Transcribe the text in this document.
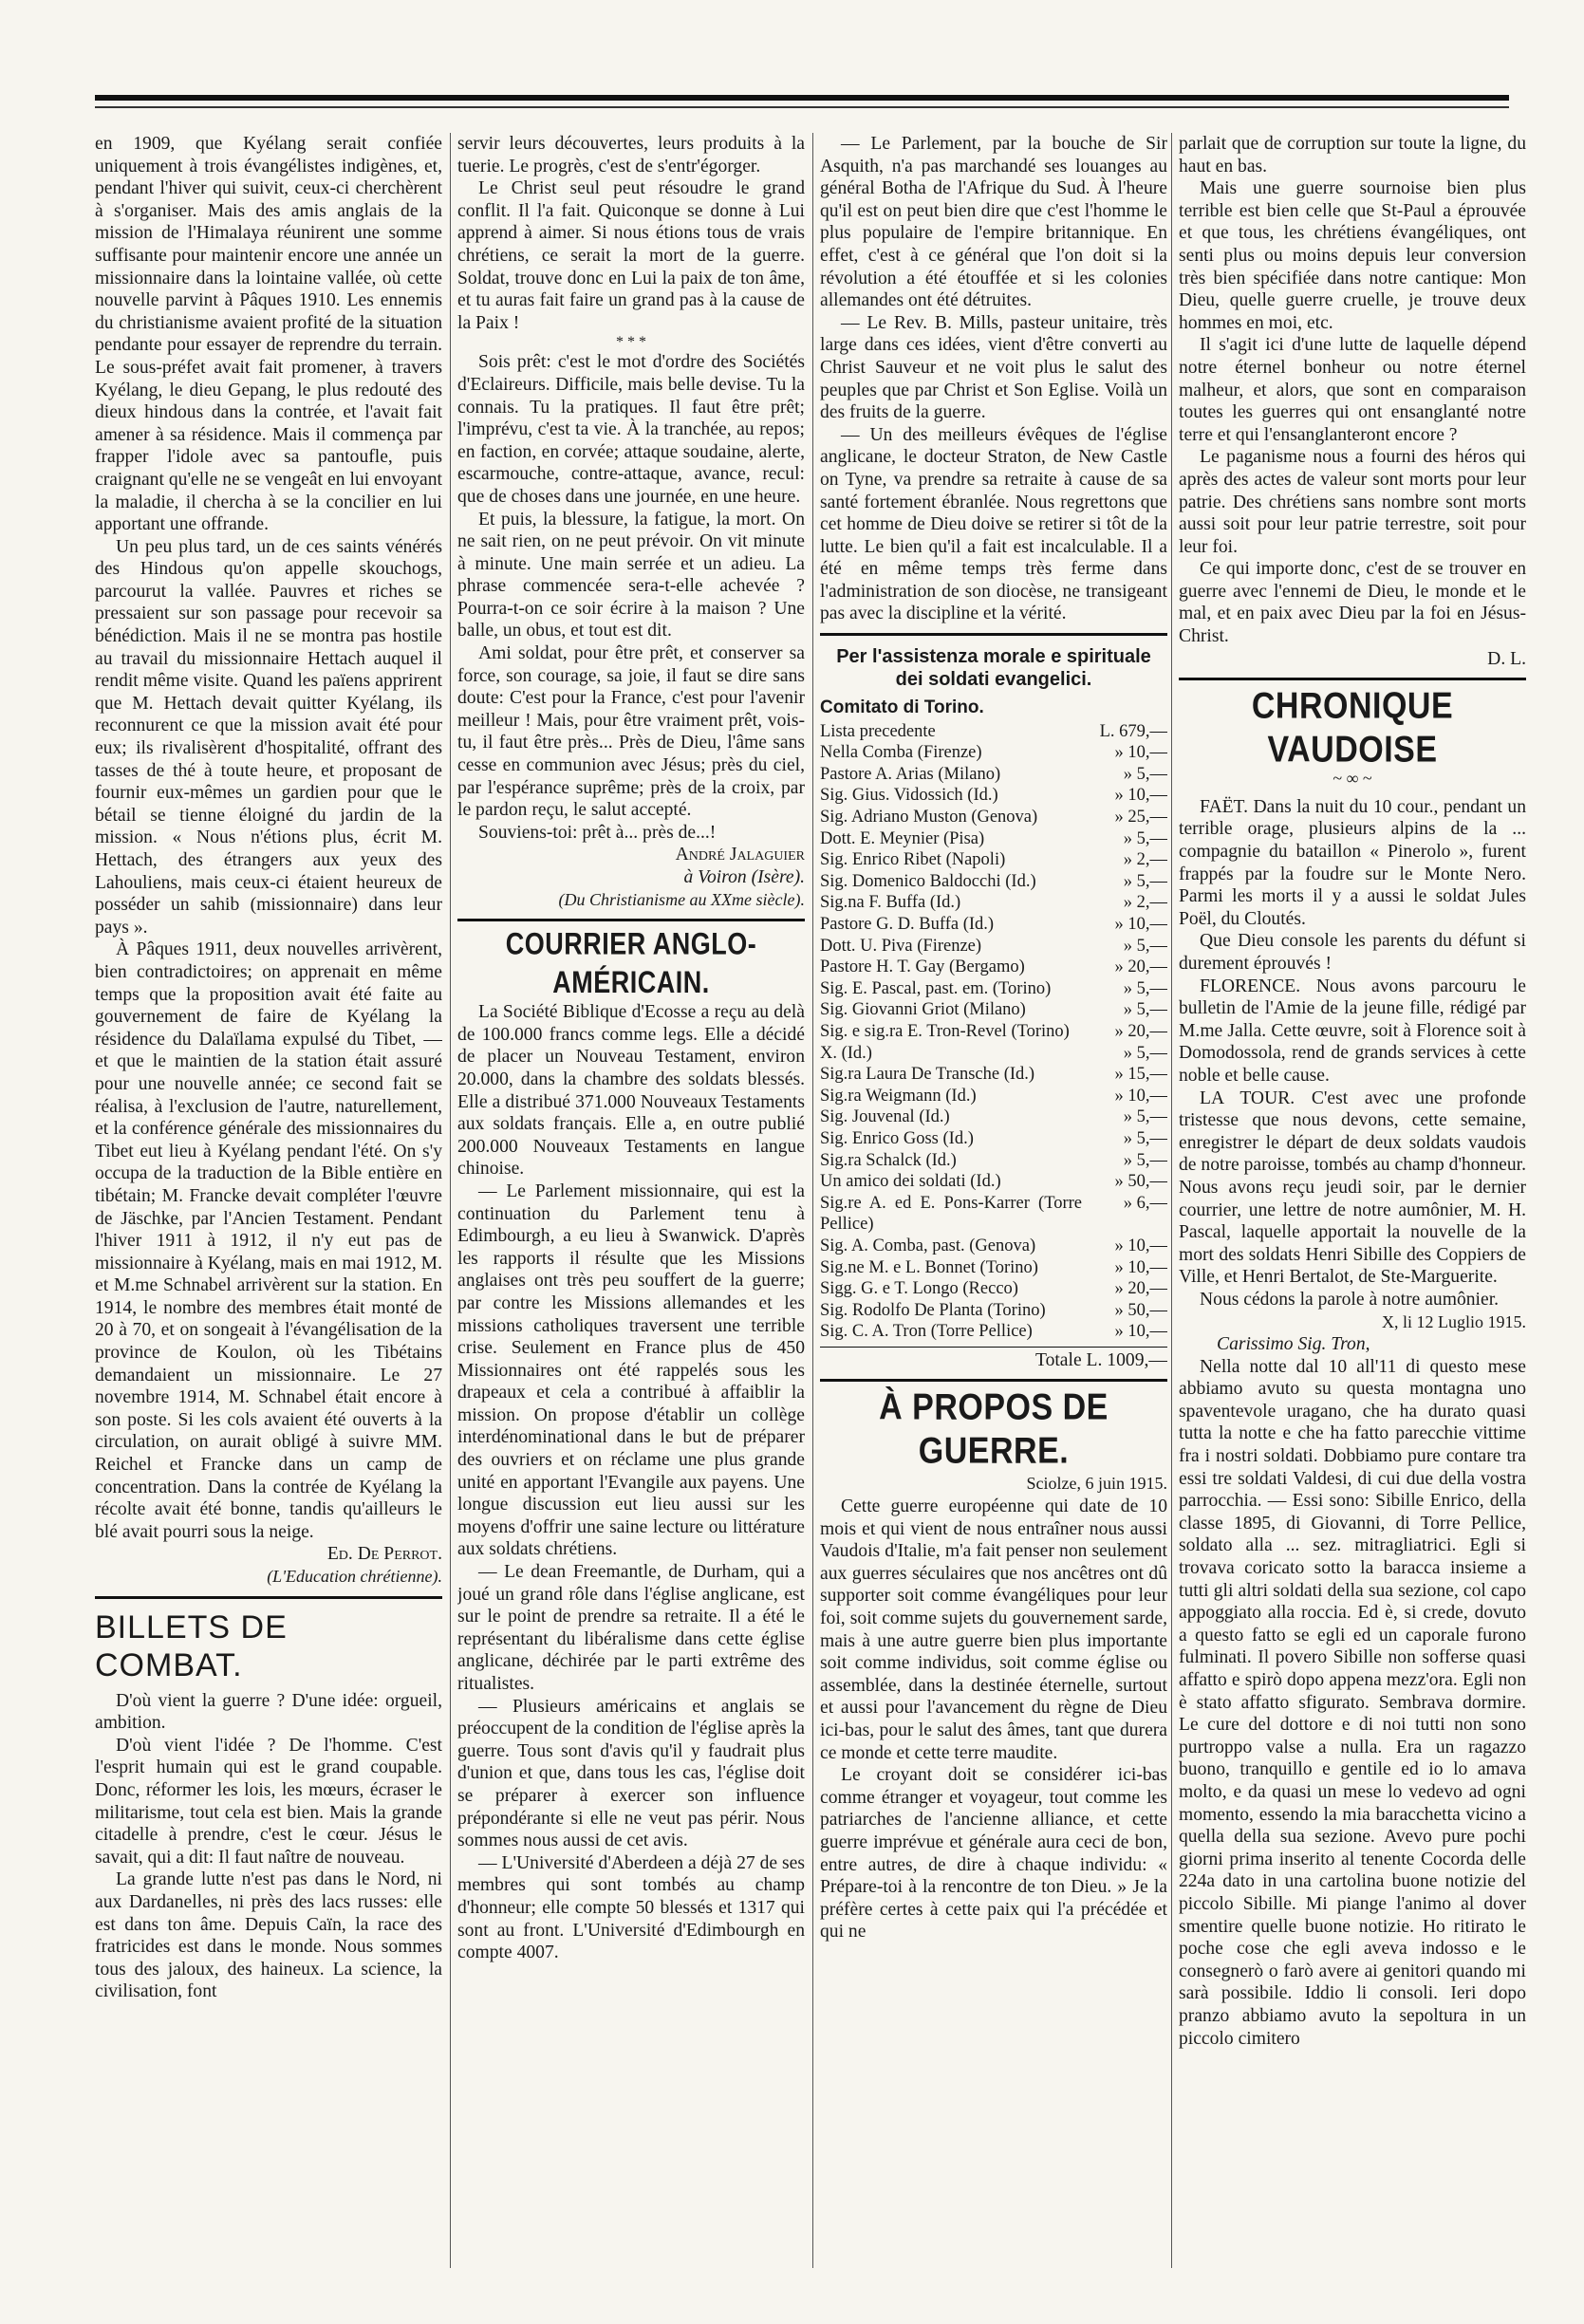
en 1909, que Kyélang serait confiée uniquement à trois évangélistes indigènes, et, pendant l'hiver qui suivit, ceux-ci cherchèrent à s'organiser. Mais des amis anglais de la mission de l'Himalaya réunirent une somme suffisante pour maintenir encore une année un missionnaire dans la lointaine vallée, où cette nouvelle parvint à Pâques 1910. Les ennemis du christianisme avaient profité de la situation pendante pour essayer de reprendre du terrain. Le sous-préfet avait fait promener, à travers Kyélang, le dieu Gepang, le plus redouté des dieux hindous dans la contrée, et l'avait fait amener à sa résidence. Mais il commença par frapper l'idole avec sa pantoufle, puis craignant qu'elle ne se vengeât en lui envoyant la maladie, il chercha à se la concilier en lui apportant une offrande.

Un peu plus tard, un de ces saints vénérés des Hindous qu'on appelle skouchogs, parcourut la vallée. Pauvres et riches se pressaient sur son passage pour recevoir sa bénédiction. Mais il ne se montra pas hostile au travail du missionnaire Hettach auquel il rendit même visite. Quand les païens apprirent que M. Hettach devait quitter Kyélang, ils reconnurent ce que la mission avait été pour eux; ils rivalisèrent d'hospitalité, offrant des tasses de thé à toute heure, et proposant de fournir eux-mêmes un gardien pour que le bétail se tienne éloigné du jardin de la mission. « Nous n'étions plus, écrit M. Hettach, des étrangers aux yeux des Lahouliens, mais ceux-ci étaient heureux de posséder un sahib (missionnaire) dans leur pays ».

À Pâques 1911, deux nouvelles arrivèrent, bien contradictoires; on apprenait en même temps que la proposition avait été faite au gouvernement de faire de Kyélang la résidence du Dalaïlama expulsé du Tibet, — et que le maintien de la station était assuré pour une nouvelle année; ce second fait se réalisa, à l'exclusion de l'autre, naturellement, et la conférence générale des missionnaires du Tibet eut lieu à Kyélang pendant l'été. On s'y occupa de la traduction de la Bible entière en tibétain; M. Francke devait compléter l'œuvre de Jäschke, par l'Ancien Testament. Pendant l'hiver 1911 à 1912, il n'y eut pas de missionnaire à Kyélang, mais en mai 1912, M. et M.me Schnabel arrivèrent sur la station. En 1914, le nombre des membres était monté de 20 à 70, et on songeait à l'évangélisation de la province de Koulon, où les Tibétains demandaient un missionnaire. Le 27 novembre 1914, M. Schnabel était encore à son poste. Si les cols avaient été ouverts à la circulation, on aurait obligé à suivre MM. Reichel et Francke dans un camp de concentration. Dans la contrée de Kyélang la récolte avait été bonne, tandis qu'ailleurs le blé avait pourri sous la neige.

Ed. De Perrot.

(L'Education chrétienne).

BILLETS DE COMBAT.

D'où vient la guerre ? D'une idée: orgueil, ambition.

D'où vient l'idée ? De l'homme. C'est l'esprit humain qui est le grand coupable. Donc, réformer les lois, les mœurs, écraser le militarisme, tout cela est bien. Mais la grande citadelle à prendre, c'est le cœur. Jésus le savait, qui a dit: Il faut naître de nouveau.

La grande lutte n'est pas dans le Nord, ni aux Dardanelles, ni près des lacs russes: elle est dans ton âme. Depuis Caïn, la race des fratricides est dans le monde. Nous sommes tous des jaloux, des haineux. La science, la civilisation, font

servir leurs découvertes, leurs produits à la tuerie. Le progrès, c'est de s'entr'égorger.

Le Christ seul peut résoudre le grand conflit. Il l'a fait. Quiconque se donne à Lui apprend à aimer. Si nous étions tous de vrais chrétiens, ce serait la mort de la guerre. Soldat, trouve donc en Lui la paix de ton âme, et tu auras fait faire un grand pas à la cause de la Paix !

* * *

Sois prêt: c'est le mot d'ordre des Sociétés d'Eclaireurs. Difficile, mais belle devise. Tu la connais. Tu la pratiques. Il faut être prêt; l'imprévu, c'est ta vie. À la tranchée, au repos; en faction, en corvée; attaque soudaine, alerte, escarmouche, contre-attaque, avance, recul: que de choses dans une journée, en une heure.

Et puis, la blessure, la fatigue, la mort. On ne sait rien, on ne peut prévoir. On vit minute à minute. Une main serrée et un adieu. La phrase commencée sera-t-elle achevée ? Pourra-t-on ce soir écrire à la maison ? Une balle, un obus, et tout est dit.

Ami soldat, pour être prêt, et conserver sa force, son courage, sa joie, il faut se dire sans doute: C'est pour la France, c'est pour l'avenir meilleur ! Mais, pour être vraiment prêt, vois-tu, il faut être près... Près de Dieu, l'âme sans cesse en communion avec Jésus; près du ciel, par l'espérance suprême; près de la croix, par le pardon reçu, le salut accepté.

Souviens-toi: prêt à... près de...!

André Jalaguier

à Voiron (Isère).

(Du Christianisme au XXme siècle).

COURRIER ANGLO-AMÉRICAIN.

La Société Biblique d'Ecosse a reçu au delà de 100.000 francs comme legs. Elle a décidé de placer un Nouveau Testament, environ 20.000, dans la chambre des soldats blessés. Elle a distribué 371.000 Nouveaux Testaments aux soldats français. Elle a, en outre publié 200.000 Nouveaux Testaments en langue chinoise.

— Le Parlement missionnaire, qui est la continuation du Parlement tenu à Edimbourgh, a eu lieu à Swanwick. D'après les rapports il résulte que les Missions anglaises ont très peu souffert de la guerre; par contre les Missions allemandes et les missions catholiques traversent une terrible crise. Seulement en France plus de 450 Missionnaires ont été rappelés sous les drapeaux et cela a contribué à affaiblir la mission. On propose d'établir un collège interdénominational dans le but de préparer des ouvriers et on réclame une plus grande unité en apportant l'Evangile aux payens. Une longue discussion eut lieu aussi sur les moyens d'offrir une saine lecture ou littérature aux soldats chrétiens.

— Le dean Freemantle, de Durham, qui a joué un grand rôle dans l'église anglicane, est sur le point de prendre sa retraite. Il a été le représentant du libéralisme dans cette église anglicane, déchirée par le parti extrême des ritualistes.

— Plusieurs américains et anglais se préoccupent de la condition de l'église après la guerre. Tous sont d'avis qu'il y faudrait plus d'union et que, dans tous les cas, l'église doit se préparer à exercer son influence prépondérante si elle ne veut pas périr. Nous sommes nous aussi de cet avis.

— L'Université d'Aberdeen a déjà 27 de ses membres qui sont tombés au champ d'honneur; elle compte 50 blessés et 1317 qui sont au front. L'Université d'Edimbourgh en compte 4007.

— Le Parlement, par la bouche de Sir Asquith, n'a pas marchandé ses louanges au général Botha de l'Afrique du Sud. À l'heure qu'il est on peut bien dire que c'est l'homme le plus populaire de l'empire britannique. En effet, c'est à ce général que l'on doit si la révolution a été étouffée et si les colonies allemandes ont été détruites.

— Le Rev. B. Mills, pasteur unitaire, très large dans ces idées, vient d'être converti au Christ Sauveur et ne voit plus le salut des peuples que par Christ et Son Eglise. Voilà un des fruits de la guerre.

— Un des meilleurs évêques de l'église anglicane, le docteur Straton, de New Castle on Tyne, va prendre sa retraite à cause de sa santé fortement ébranlée. Nous regrettons que cet homme de Dieu doive se retirer si tôt de la lutte. Le bien qu'il a fait est incalculable. Il a été en même temps très ferme dans l'administration de son diocèse, ne transigeant pas avec la discipline et la vérité.

Per l'assistenza morale e spirituale dei soldati evangelici.
Comitato di Torino.
Lista precedente	L. 679,—
Nella Comba (Firenze)	» 10,—
Pastore A. Arias (Milano)	» 5,—
Sig. Gius. Vidossich (Id.)	» 10,—
Sig. Adriano Muston (Genova)	» 25,—
Dott. E. Meynier (Pisa)	» 5,—
Sig. Enrico Ribet (Napoli)	» 2,—
Sig. Domenico Baldocchi (Id.)	» 5,—
Sig.na F. Buffa (Id.)	» 2,—
Pastore G. D. Buffa (Id.)	» 10,—
Dott. U. Piva (Firenze)	» 5,—
Pastore H. T. Gay (Bergamo)	» 20,—
Sig. E. Pascal, past. em. (Torino)	» 5,—
Sig. Giovanni Griot (Milano)	» 5,—
Sig. e sig.ra E. Tron-Revel (Torino)	» 20,—
X. (Id.)	» 5,—
Sig.ra Laura De Transche (Id.)	» 15,—
Sig.ra Weigmann (Id.)	» 10,—
Sig. Jouvenal (Id.)	» 5,—
Sig. Enrico Goss (Id.)	» 5,—
Sig.ra Schalck (Id.)	» 5,—
Un amico dei soldati (Id.)	» 50,—
Sig.re A. ed E. Pons-Karrer (Torre Pellice)	» 6,—
Sig. A. Comba, past. (Genova)	» 10,—
Sig.ne M. e L. Bonnet (Torino)	» 10,—
Sigg. G. e T. Longo (Recco)	» 20,—
Sig. Rodolfo De Planta (Torino)	» 50,—
Sig. C. A. Tron (Torre Pellice)	» 10,—

Totale L. 1009,—

À PROPOS DE GUERRE.

Sciolze, 6 juin 1915.

Cette guerre européenne qui date de 10 mois et qui vient de nous entraîner nous aussi Vaudois d'Italie, m'a fait penser non seulement aux guerres séculaires que nos ancêtres ont dû supporter soit comme évangéliques pour leur foi, soit comme sujets du gouvernement sarde, mais à une autre guerre bien plus importante soit comme individus, soit comme église ou assemblée, dans la destinée éternelle, surtout et aussi pour l'avancement du règne de Dieu ici-bas, pour le salut des âmes, tant que durera ce monde et cette terre maudite.

Le croyant doit se considérer ici-bas comme étranger et voyageur, tout comme les patriarches de l'ancienne alliance, et cette guerre imprévue et générale aura ceci de bon, entre autres, de dire à chaque individu: « Prépare-toi à la rencontre de ton Dieu. » Je la préfère certes à cette paix qui l'a précédée et qui ne

parlait que de corruption sur toute la ligne, du haut en bas.

Mais une guerre sournoise bien plus terrible est bien celle que St-Paul a éprouvée et que tous, les chrétiens évangéliques, ont senti plus ou moins depuis leur conversion très bien spécifiée dans notre cantique: Mon Dieu, quelle guerre cruelle, je trouve deux hommes en moi, etc.

Il s'agit ici d'une lutte de laquelle dépend notre éternel bonheur ou notre éternel malheur, et alors, que sont en comparaison toutes les guerres qui ont ensanglanté notre terre et qui l'ensanglanteront encore ?

Le paganisme nous a fourni des héros qui après des actes de valeur sont morts pour leur patrie. Des chrétiens sans nombre sont morts aussi soit pour leur patrie terrestre, soit pour leur foi.

Ce qui importe donc, c'est de se trouver en guerre avec l'ennemi de Dieu, le monde et le mal, et en paix avec Dieu par la foi en Jésus-Christ.

D. L.

CHRONIQUE VAUDOISE
~ ∞ ~

FAËT. Dans la nuit du 10 cour., pendant un terrible orage, plusieurs alpins de la ... compagnie du bataillon « Pinerolo », furent frappés par la foudre sur le Monte Nero. Parmi les morts il y a aussi le soldat Jules Poël, du Cloutés.

Que Dieu console les parents du défunt si durement éprouvés !

FLORENCE. Nous avons parcouru le bulletin de l'Amie de la jeune fille, rédigé par M.me Jalla. Cette œuvre, soit à Florence soit à Domodossola, rend de grands services à cette noble et belle cause.

LA TOUR. C'est avec une profonde tristesse que nous devons, cette semaine, enregistrer le départ de deux soldats vaudois de notre paroisse, tombés au champ d'honneur. Nous avons reçu jeudi soir, par le dernier courrier, une lettre de notre aumônier, M. H. Pascal, laquelle apportait la nouvelle de la mort des soldats Henri Sibille des Coppiers de Ville, et Henri Bertalot, de Ste-Marguerite.

Nous cédons la parole à notre aumônier.

X, li 12 Luglio 1915.

Carissimo Sig. Tron,

Nella notte dal 10 all'11 di questo mese abbiamo avuto su questa montagna uno spaventevole uragano, che ha durato quasi tutta la notte e che ha fatto parecchie vittime fra i nostri soldati. Dobbiamo pure contare tra essi tre soldati Valdesi, di cui due della vostra parrocchia. — Essi sono: Sibille Enrico, della classe 1895, di Giovanni, di Torre Pellice, soldato alla ... sez. mitragliatrici. Egli si trovava coricato sotto la baracca insieme a tutti gli altri soldati della sua sezione, col capo appoggiato alla roccia. Ed è, si crede, dovuto a questo fatto se egli ed un caporale furono fulminati. Il povero Sibille non sofferse quasi affatto e spirò dopo appena mezz'ora. Egli non è stato affatto sfigurato. Sembrava dormire. Le cure del dottore e di noi tutti non sono purtroppo valse a nulla. Era un ragazzo buono, tranquillo e gentile ed io lo amava molto, e da quasi un mese lo vedevo ad ogni momento, essendo la mia baracchetta vicino a quella della sua sezione. Avevo pure pochi giorni prima inserito al tenente Cocorda delle 224a dato in una cartolina buone notizie del piccolo Sibille. Mi piange l'animo al dover smentire quelle buone notizie. Ho ritirato le poche cose che egli aveva indosso e le consegnerò o farò avere ai genitori quando mi sarà possibile. Iddio li consoli. Ieri dopo pranzo abbiamo avuto la sepoltura in un piccolo cimitero
